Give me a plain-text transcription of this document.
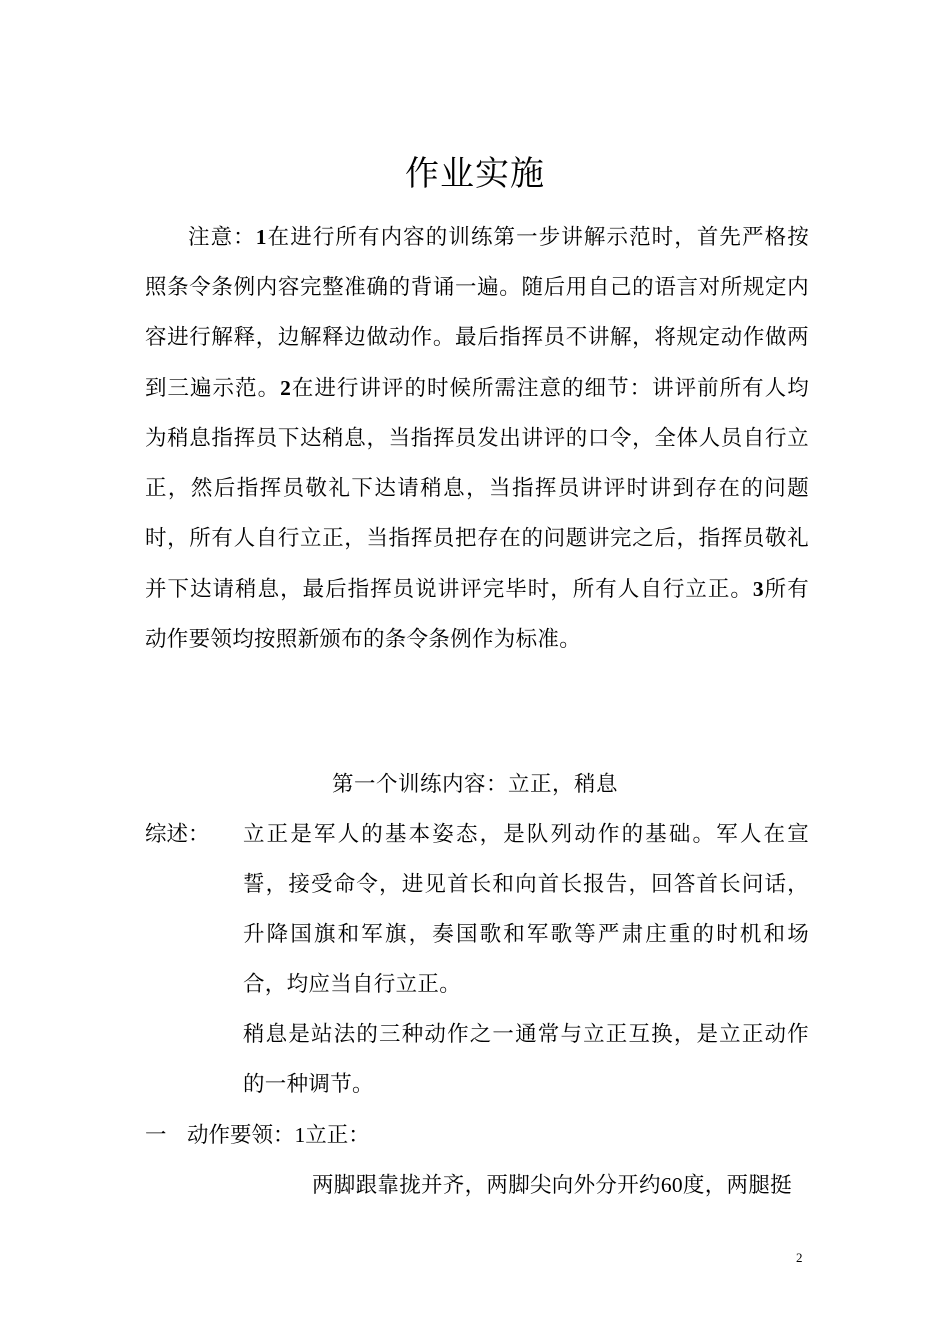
作业实施
注意：1在进行所有内容的训练第一步讲解示范时，首先严格按照条令条例内容完整准确的背诵一遍。随后用自己的语言对所规定内容进行解释，边解释边做动作。最后指挥员不讲解，将规定动作做两到三遍示范。2在进行讲评的时候所需注意的细节：讲评前所有人均为稍息指挥员下达稍息，当指挥员发出讲评的口令，全体人员自行立正，然后指挥员敬礼下达请稍息，当指挥员讲评时讲到存在的问题时，所有人自行立正，当指挥员把存在的问题讲完之后，指挥员敬礼并下达请稍息，最后指挥员说讲评完毕时，所有人自行立正。3所有动作要领均按照新颁布的条令条例作为标准。
第一个训练内容：立正，稍息
综述： 立正是军人的基本姿态，是队列动作的基础。军人在宣誓，接受命令，进见首长和向首长报告，回答首长问话，升降国旗和军旗，奏国歌和军歌等严肃庄重的时机和场合，均应当自行立正。
稍息是站法的三种动作之一通常与立正互换，是立正动作的一种调节。
一 动作要领：1立正：
两脚跟靠拢并齐，两脚尖向外分开约60度，两腿挺
2
